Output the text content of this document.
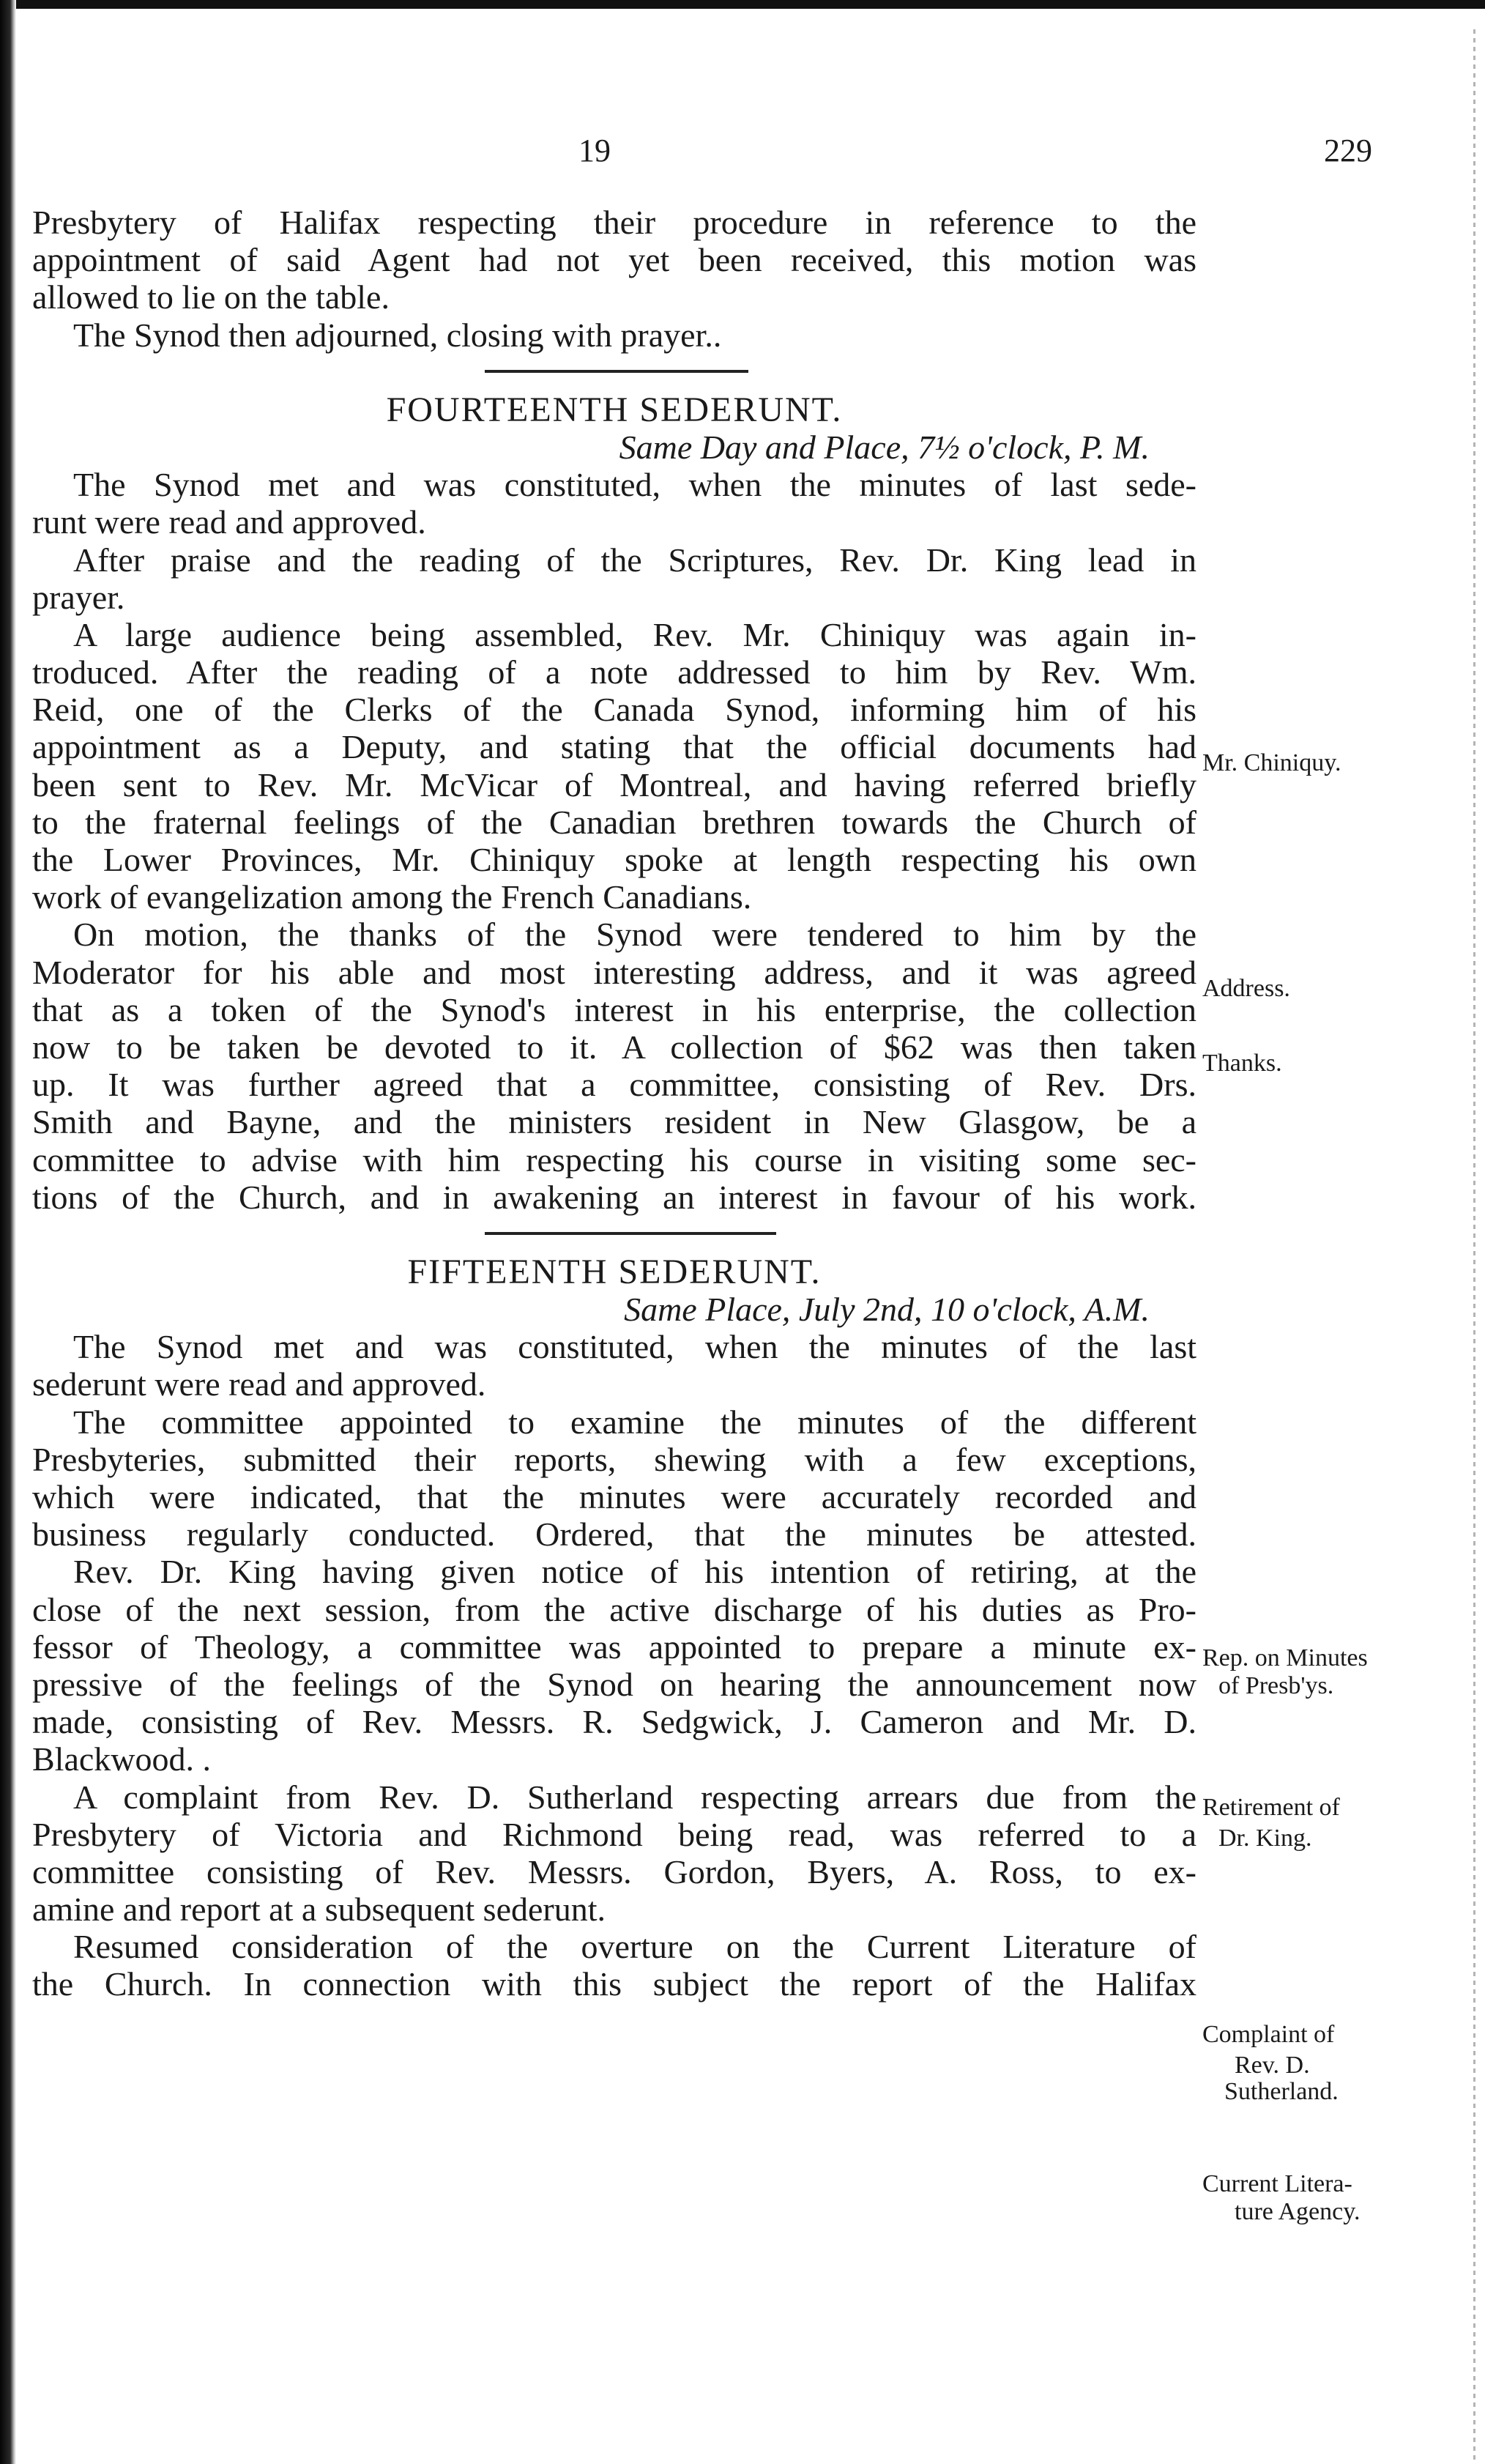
19	229
Presbytery of Halifax respecting their procedure in reference to the
appointment of said Agent had not yet been received, this motion was
allowed to lie on the table.
The Synod then adjourned, closing with prayer..
FOURTEENTH SEDERUNT.
Same Day and Place, 7½ o'clock, P. M.
The Synod met and was constituted, when the minutes of last sede-
runt were read and approved.
After praise and the reading of the Scriptures, Rev. Dr. King lead in
prayer.
A large audience being assembled, Rev. Mr. Chiniquy was again in-
troduced. After the reading of a note addressed to him by Rev. Wm.
Reid, one of the Clerks of the Canada Synod, informing him of his
appointment as a Deputy, and stating that the official documents had
been sent to Rev. Mr. McVicar of Montreal, and having referred briefly
to the fraternal feelings of the Canadian brethren towards the Church of
the Lower Provinces, Mr. Chiniquy spoke at length respecting his own
work of evangelization among the French Canadians.
On motion, the thanks of the Synod were tendered to him by the
Moderator for his able and most interesting address, and it was agreed
that as a token of the Synod's interest in his enterprise, the collection
now to be taken be devoted to it. A collection of $62 was then taken
up. It was further agreed that a committee, consisting of Rev. Drs.
Smith and Bayne, and the ministers resident in New Glasgow, be a
committee to advise with him respecting his course in visiting some sec-
tions of the Church, and in awakening an interest in favour of his work.
FIFTEENTH SEDERUNT.
Same Place, July 2nd, 10 o'clock, A.M.
The Synod met and was constituted, when the minutes of the last
sederunt were read and approved.
The committee appointed to examine the minutes of the different
Presbyteries, submitted their reports, shewing with a few exceptions,
which were indicated, that the minutes were accurately recorded and
business regularly conducted. Ordered, that the minutes be attested.
Rev. Dr. King having given notice of his intention of retiring, at the
close of the next session, from the active discharge of his duties as Pro-
fessor of Theology, a committee was appointed to prepare a minute ex-
pressive of the feelings of the Synod on hearing the announcement now
made, consisting of Rev. Messrs. R. Sedgwick, J. Cameron and Mr. D.
Blackwood. .
A complaint from Rev. D. Sutherland respecting arrears due from the
Presbytery of Victoria and Richmond being read, was referred to a
committee consisting of Rev. Messrs. Gordon, Byers, A. Ross, to ex-
amine and report at a subsequent sederunt.
Resumed consideration of the overture on the Current Literature of
the Church. In connection with this subject the report of the Halifax
Mr. Chiniquy.
Address.
Thanks.
Rep. on Minutes
of Presb'ys.
Retirement of
Dr. King.
Complaint of
Rev. D.
Sutherland.
Current Litera-
ture Agency.
